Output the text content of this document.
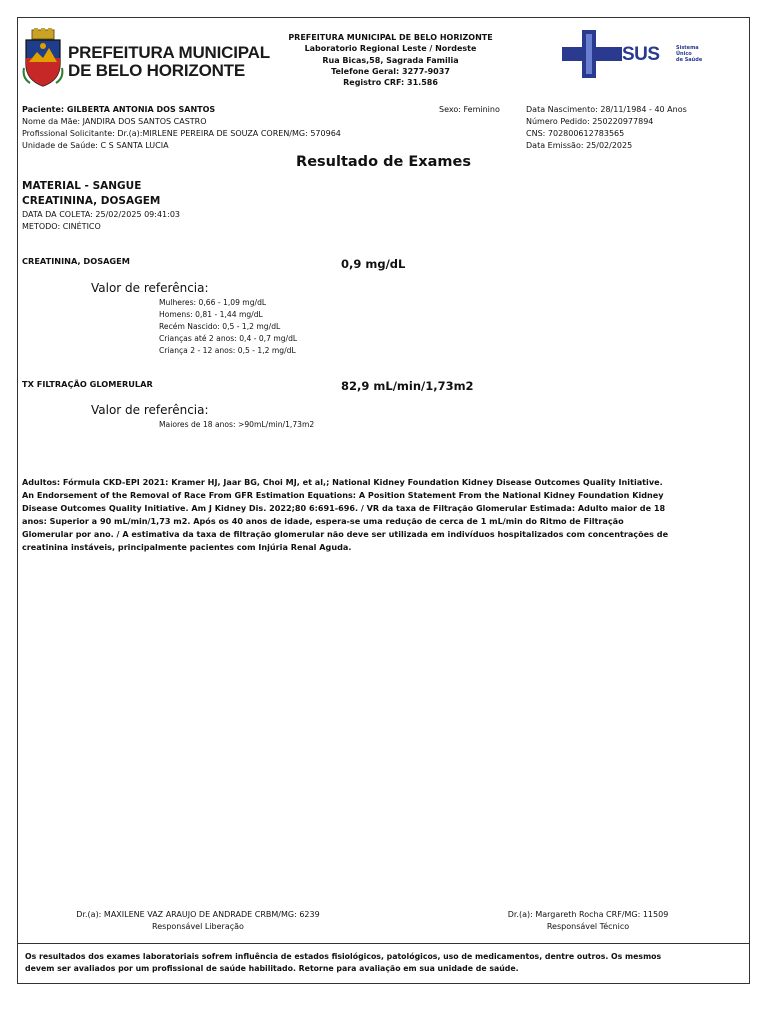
PREFEITURA MUNICIPAL
DE BELO HORIZONTE
PREFEITURA MUNICIPAL DE BELO HORIZONTE
Laboratorio Regional Leste / Nordeste
Rua Bicas,58, Sagrada Familia
Telefone Geral: 3277-9037
Registro CRF: 31.586
SUS	Sistema
Único
de Saúde
Paciente: GILBERTA ANTONIA DOS SANTOS
Nome da Mãe: JANDIRA DOS SANTOS CASTRO
Profissional Solicitante: Dr.(a):MIRLENE PEREIRA DE SOUZA COREN/MG: 570964
Unidade de Saúde: C S SANTA LUCIA
Sexo: Feminino	Data Nascimento: 28/11/1984 - 40 Anos
Número Pedido: 250220977894
CNS: 702800612783565
Data Emissão: 25/02/2025
Resultado de Exames
MATERIAL - SANGUE
CREATININA, DOSAGEM
DATA DA COLETA: 25/02/2025 09:41:03
METODO: CINÉTICO
CREATININA, DOSAGEM	0,9 mg/dL
Valor de referência:
Mulheres: 0,66 - 1,09 mg/dL
Homens: 0,81 - 1,44 mg/dL
Recém Nascido: 0,5 - 1,2 mg/dL
Crianças até 2 anos: 0,4 - 0,7 mg/dL
Criança 2 - 12 anos: 0,5 - 1,2 mg/dL
TX FILTRAÇÃO GLOMERULAR	82,9 mL/min/1,73m2
Valor de referência:
Maiores de 18 anos: >90mL/min/1,73m2
Adultos: Fórmula CKD-EPI 2021: Kramer HJ, Jaar BG, Choi MJ, et al,; National Kidney Foundation Kidney Disease Outcomes Quality Initiative.
An Endorsement of the Removal of Race From GFR Estimation Equations: A Position Statement From the National Kidney Foundation Kidney
Disease Outcomes Quality Initiative. Am J Kidney Dis. 2022;80 6:691-696. / VR da taxa de Filtração Glomerular Estimada: Adulto maior de 18
anos: Superior a 90 mL/min/1,73 m2. Após os 40 anos de idade, espera-se uma redução de cerca de 1 mL/min do Ritmo de Filtração
Glomerular por ano. / A estimativa da taxa de filtração glomerular não deve ser utilizada em indivíduos hospitalizados com concentrações de
creatinina instáveis, principalmente pacientes com Injúria Renal Aguda.
Dr.(a): MAXILENE VAZ ARAUJO DE ANDRADE CRBM/MG: 6239
Responsável Liberação
Dr.(a): Margareth Rocha CRF/MG: 11509
Responsável Técnico
Os resultados dos exames laboratoriais sofrem influência de estados fisiológicos, patológicos, uso de medicamentos, dentre outros. Os mesmos
devem ser avaliados por um profissional de saúde habilitado. Retorne para avaliação em sua unidade de saúde.
